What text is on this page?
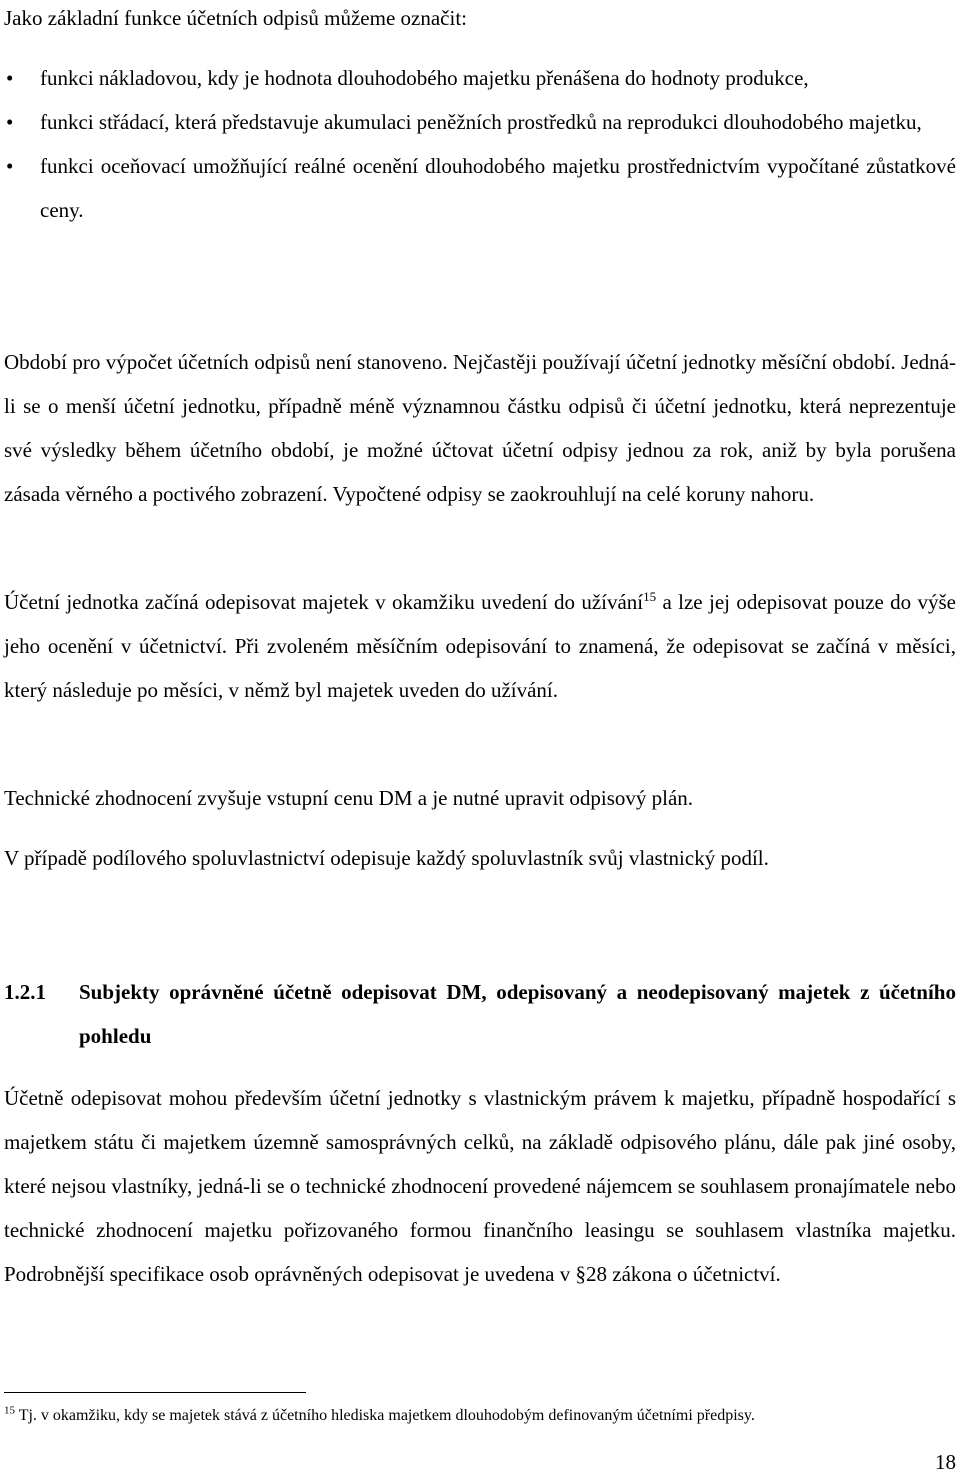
Jako základní funkce účetních odpisů můžeme označit:

• funkci nákladovou, kdy je hodnota dlouhodobého majetku přenášena do hodnoty produkce,
• funkci střádací, která představuje akumulaci peněžních prostředků na reprodukci dlouhodobého majetku,
• funkci oceňovací umožňující reálné ocenění dlouhodobého majetku prostřednictvím vypočítané zůstatkové ceny.

Období pro výpočet účetních odpisů není stanoveno. Nejčastěji používají účetní jednotky měsíční období. Jedná-li se o menší účetní jednotku, případně méně významnou částku odpisů či účetní jednotku, která neprezentuje své výsledky během účetního období, je možné účtovat účetní odpisy jednou za rok, aniž by byla porušena zásada věrného a poctivého zobrazení. Vypočtené odpisy se zaokrouhlují na celé koruny nahoru.

Účetní jednotka začíná odepisovat majetek v okamžiku uvedení do užívání$^{15}$ a lze jej odepisovat pouze do výše jeho ocenění v účetnictví. Při zvoleném měsíčním odepisování to znamená, že odepisovat se začíná v měsíci, který následuje po měsíci, v němž byl majetek uveden do užívání.

Technické zhodnocení zvyšuje vstupní cenu DM a je nutné upravit odpisový plán.

V případě podílového spoluvlastnictví odepisuje každý spoluvlastník svůj vlastnický podíl.

1.2.1	Subjekty oprávněné účetně odepisovat DM, odepisovaný a neodepisovaný majetek z účetního pohledu

Účetně odepisovat mohou především účetní jednotky s vlastnickým právem k majetku, případně hospodařící s majetkem státu či majetkem územně samosprávných celků, na základě odpisového plánu, dále pak jiné osoby, které nejsou vlastníky, jedná-li se o technické zhodnocení provedené nájemcem se souhlasem pronajímatele nebo technické zhodnocení majetku pořizovaného formou finančního leasingu se souhlasem vlastníka majetku. Podrobnější specifikace osob oprávněných odepisovat je uvedena v §28 zákona o účetnictví.

$^{15}$ Tj. v okamžiku, kdy se majetek stává z účetního hlediska majetkem dlouhodobým definovaným účetními předpisy.

18
